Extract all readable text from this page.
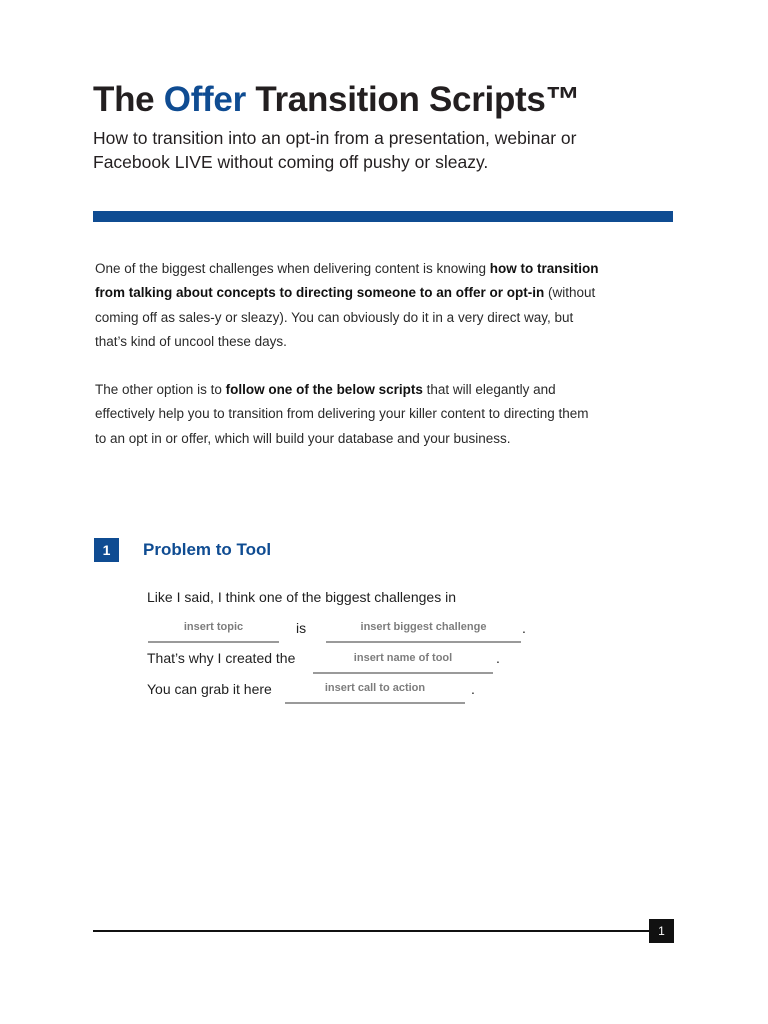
The Offer Transition Scripts™

How to transition into an opt-in from a presentation, webinar or Facebook LIVE without coming off pushy or sleazy.

One of the biggest challenges when delivering content is knowing how to transition from talking about concepts to directing someone to an offer or opt-in (without coming off as sales-y or sleazy). You can obviously do it in a very direct way, but that’s kind of uncool these days.

The other option is to follow one of the below scripts that will elegantly and effectively help you to transition from delivering your killer content to directing them to an opt in or offer, which will build your database and your business.

1	Problem to Tool
Like I said, I think one of the biggest challenges in
insert topic	is	insert biggest challenge	.
That’s why I created the	insert name of tool	.
You can grab it here	insert call to action	.
1
